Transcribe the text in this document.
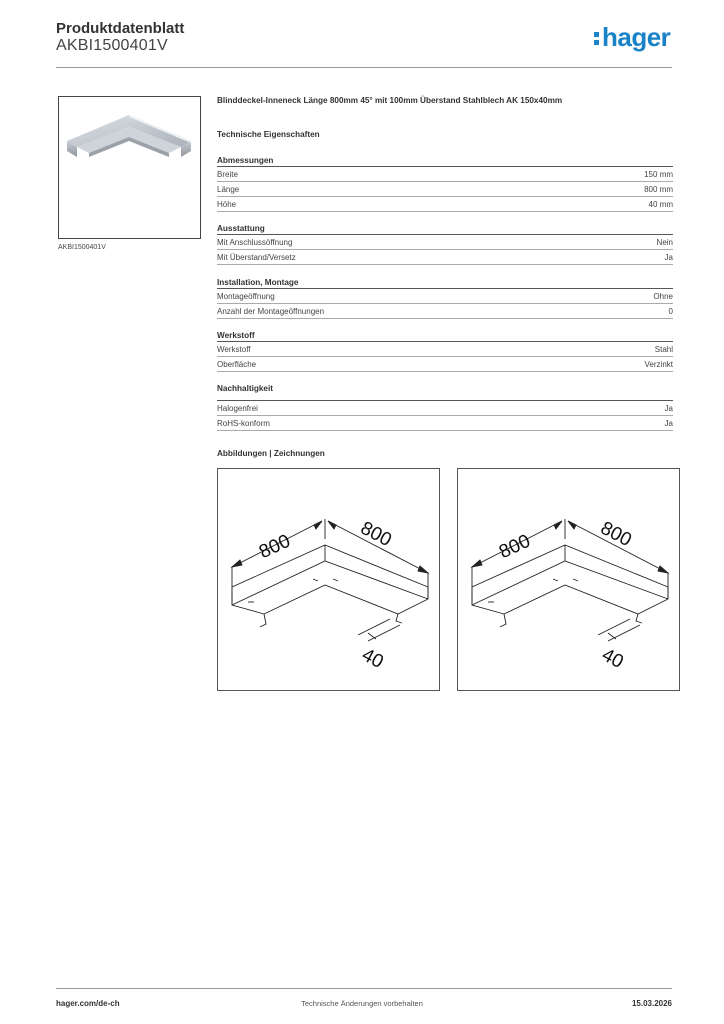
Produktdatenblatt
AKBI1500401V	hager
AKBI1500401V
Blinddeckel-Inneneck Länge 800mm 45° mit 100mm Überstand Stahlblech AK 150x40mm
Technische Eigenschaften
Abmessungen
Breite	150 mm
Länge	800 mm
Höhe	40 mm
Ausstattung
Mit Anschlussöffnung	Nein
Mit Überstand/Versetz	Ja
Installation, Montage
Montageöffnung	Ohne
Anzahl der Montageöffnungen	0
Werkstoff
Werkstoff	Stahl
Oberfläche	Verzinkt
Nachhaltigkeit
Halogenfrei	Ja
RoHS-konform	Ja
Abbildungen | Zeichnungen
800	800
40
800	800
40
hager.com/de-ch	Technische Änderungen vorbehalten	15.03.2026
